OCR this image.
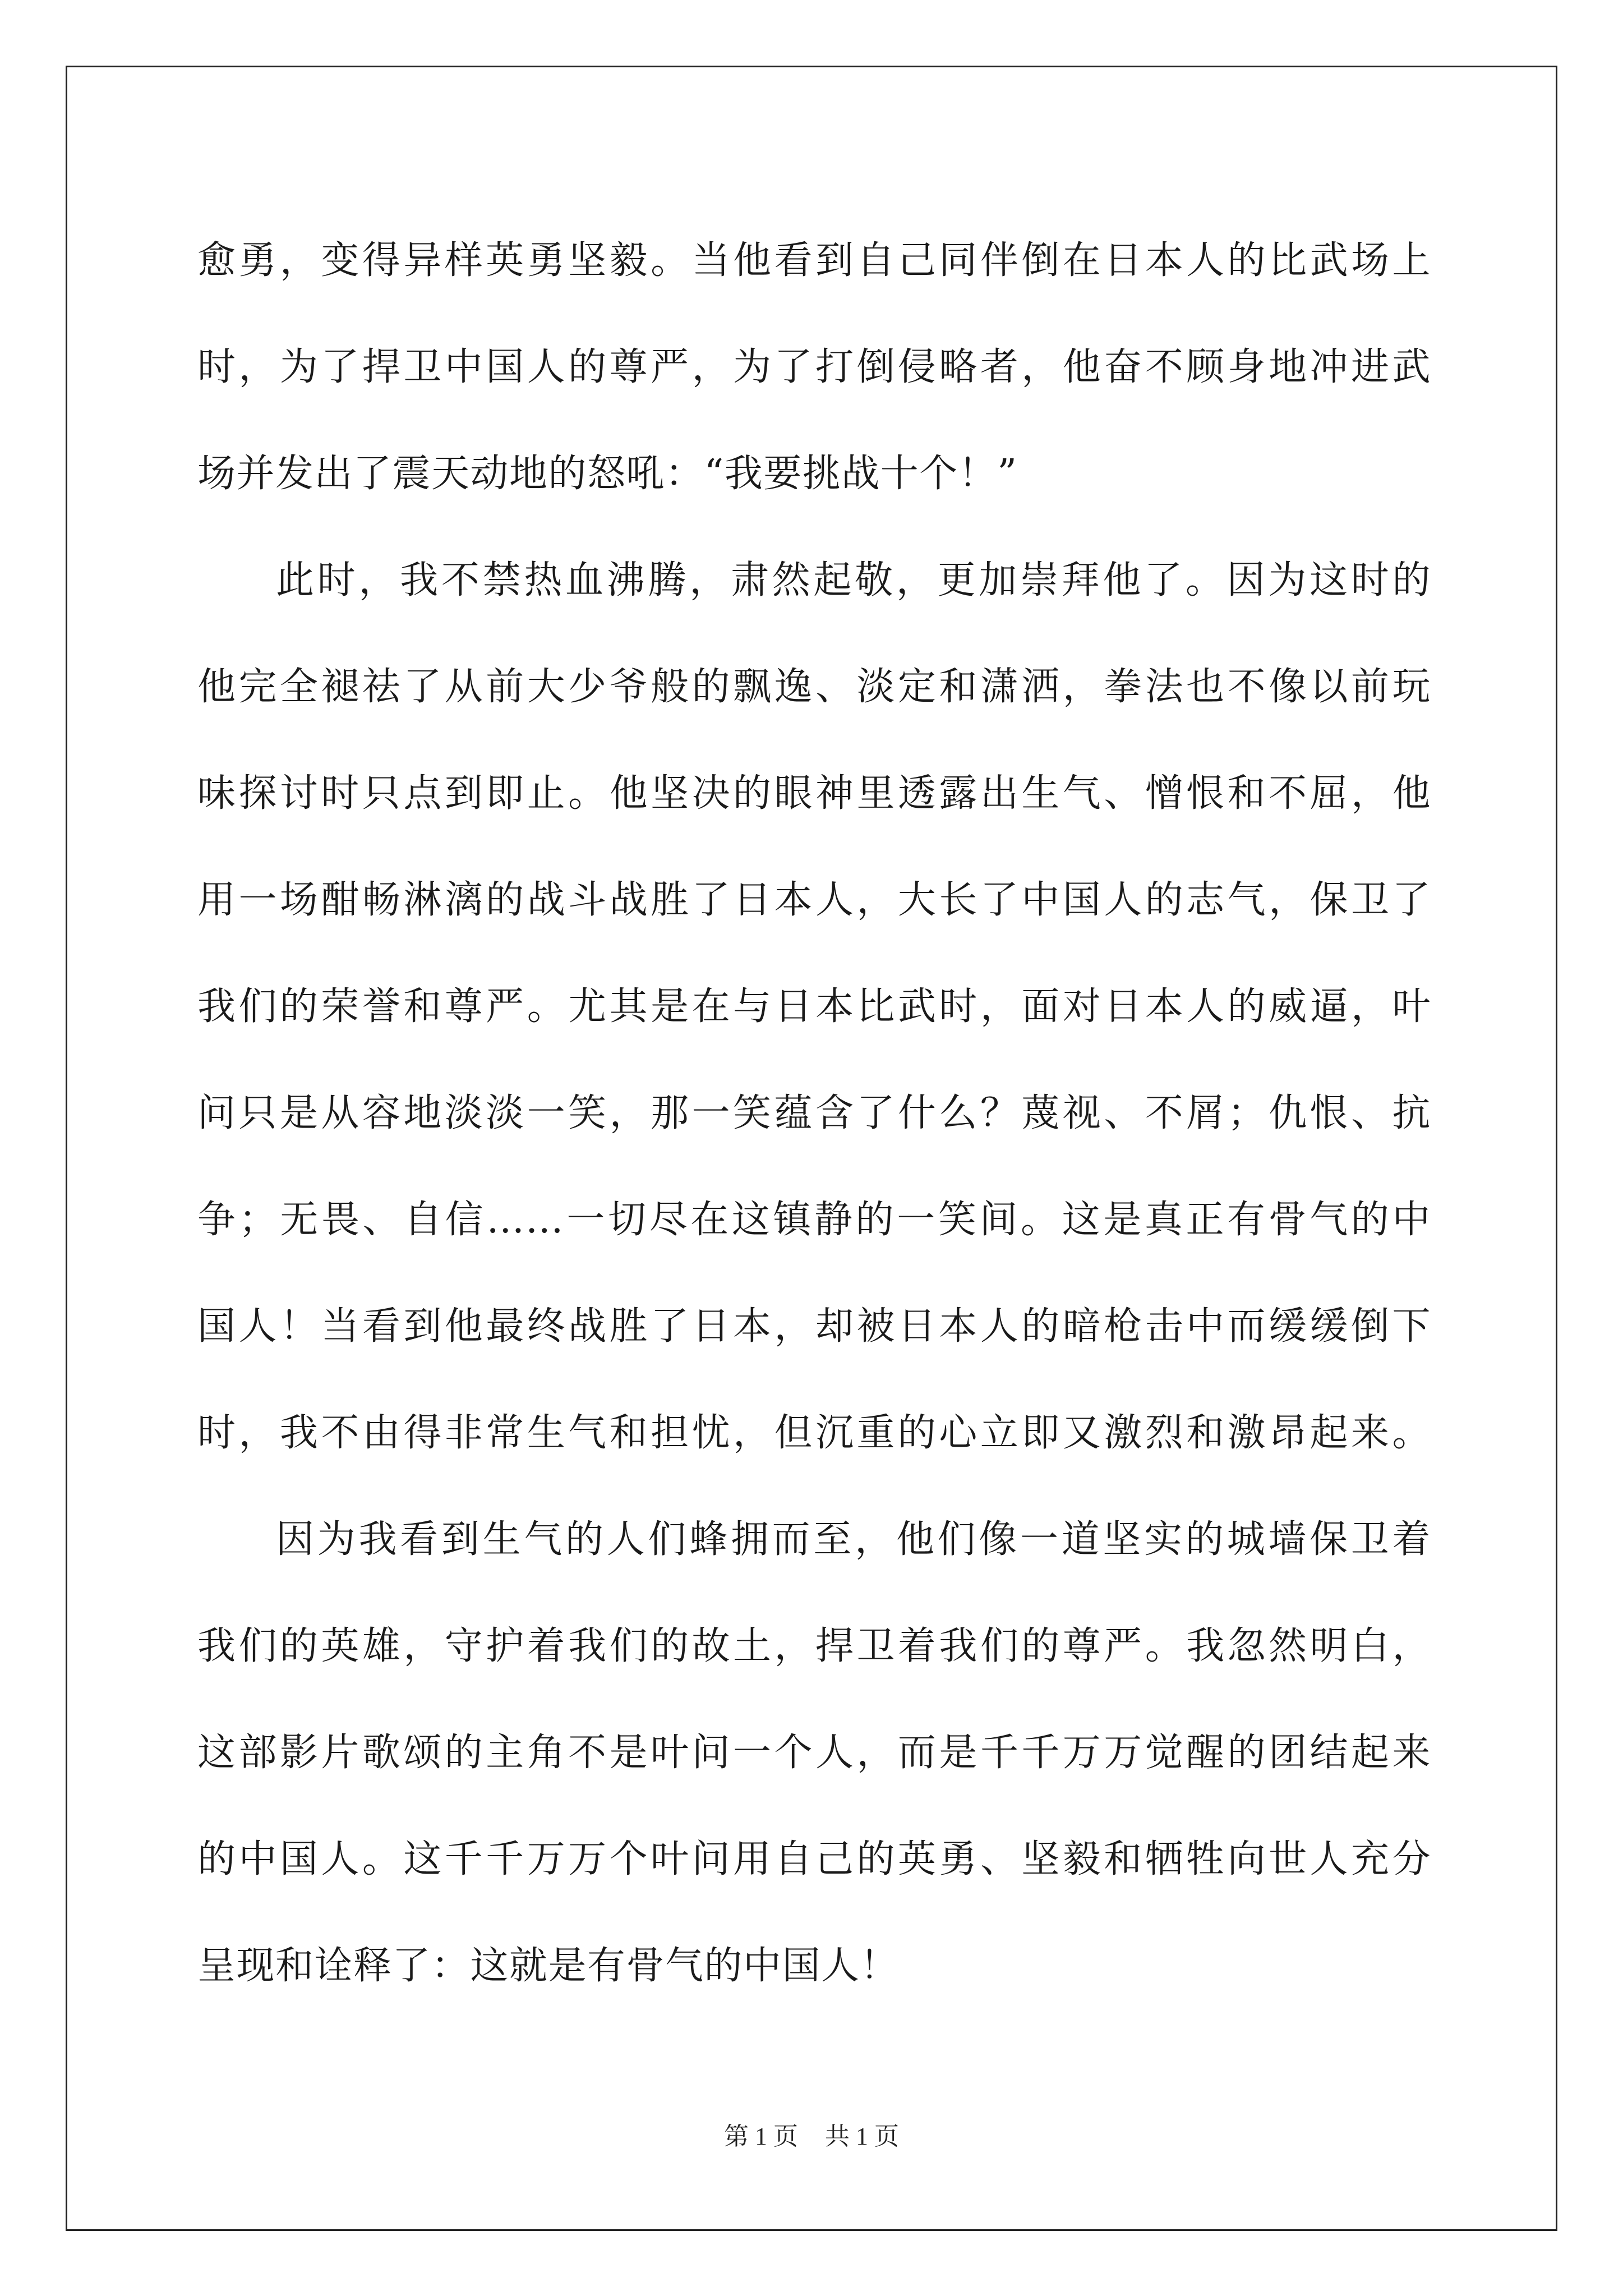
愈勇，变得异样英勇坚毅。当他看到自己同伴倒在日本人的比武场上
时，为了捍卫中国人的尊严，为了打倒侵略者，他奋不顾身地冲进武
场并发出了震天动地的怒吼：“我要挑战十个！”
此时，我不禁热血沸腾，肃然起敬，更加崇拜他了。因为这时的
他完全褪祛了从前大少爷般的飘逸、淡定和潇洒，拳法也不像以前玩
味探讨时只点到即止。他坚决的眼神里透露出生气、憎恨和不屈，他
用一场酣畅淋漓的战斗战胜了日本人，大长了中国人的志气，保卫了
我们的荣誉和尊严。尤其是在与日本比武时，面对日本人的威逼，叶
问只是从容地淡淡一笑，那一笑蕴含了什么？蔑视、不屑；仇恨、抗
争；无畏、自信……一切尽在这镇静的一笑间。这是真正有骨气的中
国人！当看到他最终战胜了日本，却被日本人的暗枪击中而缓缓倒下
时，我不由得非常生气和担忧，但沉重的心立即又激烈和激昂起来。
因为我看到生气的人们蜂拥而至，他们像一道坚实的城墙保卫着
我们的英雄，守护着我们的故土，捍卫着我们的尊严。我忽然明白，
这部影片歌颂的主角不是叶问一个人，而是千千万万觉醒的团结起来
的中国人。这千千万万个叶问用自己的英勇、坚毅和牺牲向世人充分
呈现和诠释了：这就是有骨气的中国人！
第 1 页 共 1 页
